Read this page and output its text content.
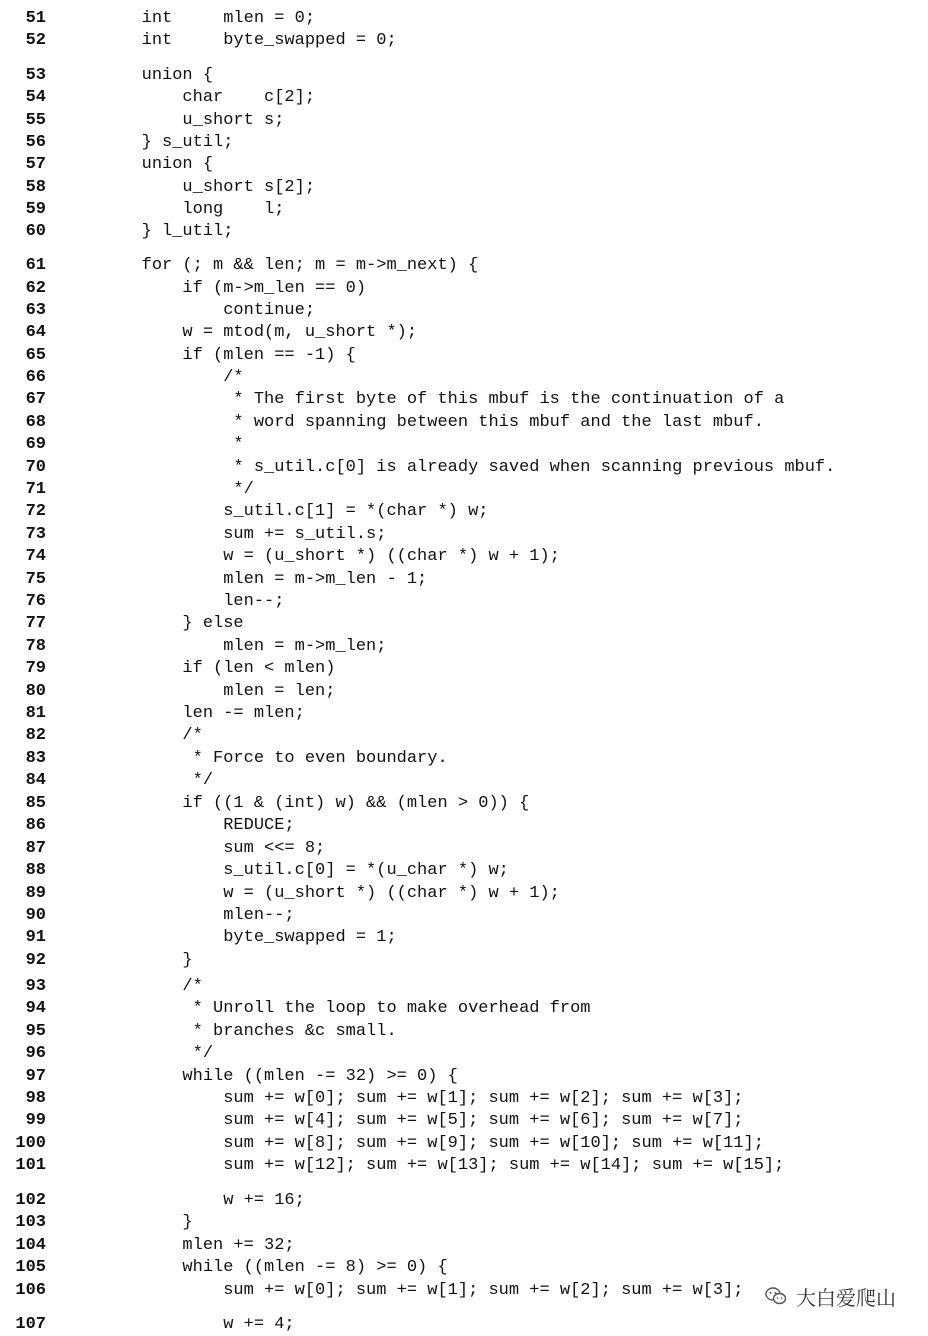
51 int     mlen = 0;
52 int     byte_swapped = 0;
53 union {
54 char    c[2];
55 u_short s;
56 } s_util;
57 union {
58 u_short s[2];
59 long    l;
60 } l_util;
61 for (; m && len; m = m->m_next) {
62 if (m->m_len == 0)
63 continue;
64 w = mtod(m, u_short *);
65 if (mlen == -1) {
66 /*
67 * The first byte of this mbuf is the continuation of a
68 * word spanning between this mbuf and the last mbuf.
69 *
70 * s_util.c[0] is already saved when scanning previous mbuf.
71 */
72 s_util.c[1] = *(char *) w;
73 sum += s_util.s;
74 w = (u_short *) ((char *) w + 1);
75 mlen = m->m_len - 1;
76 len--;
77 } else
78 mlen = m->m_len;
79 if (len < mlen)
80 mlen = len;
81 len -= mlen;
82 /*
83 * Force to even boundary.
84 */
85 if ((1 & (int) w) && (mlen > 0)) {
86 REDUCE;
87 sum <<= 8;
88 s_util.c[0] = *(u_char *) w;
89 w = (u_short *) ((char *) w + 1);
90 mlen--;
91 byte_swapped = 1;
92 }
93 /*
94 * Unroll the loop to make overhead from
95 * branches &c small.
96 */
97 while ((mlen -= 32) >= 0) {
98 sum += w[0]; sum += w[1]; sum += w[2]; sum += w[3];
99 sum += w[4]; sum += w[5]; sum += w[6]; sum += w[7];
100 sum += w[8]; sum += w[9]; sum += w[10]; sum += w[11];
101 sum += w[12]; sum += w[13]; sum += w[14]; sum += w[15];
102 w += 16;
103 }
104 mlen += 32;
105 while ((mlen -= 8) >= 0) {
106 sum += w[0]; sum += w[1]; sum += w[2]; sum += w[3];
107 w += 4;
大白爱爬山
